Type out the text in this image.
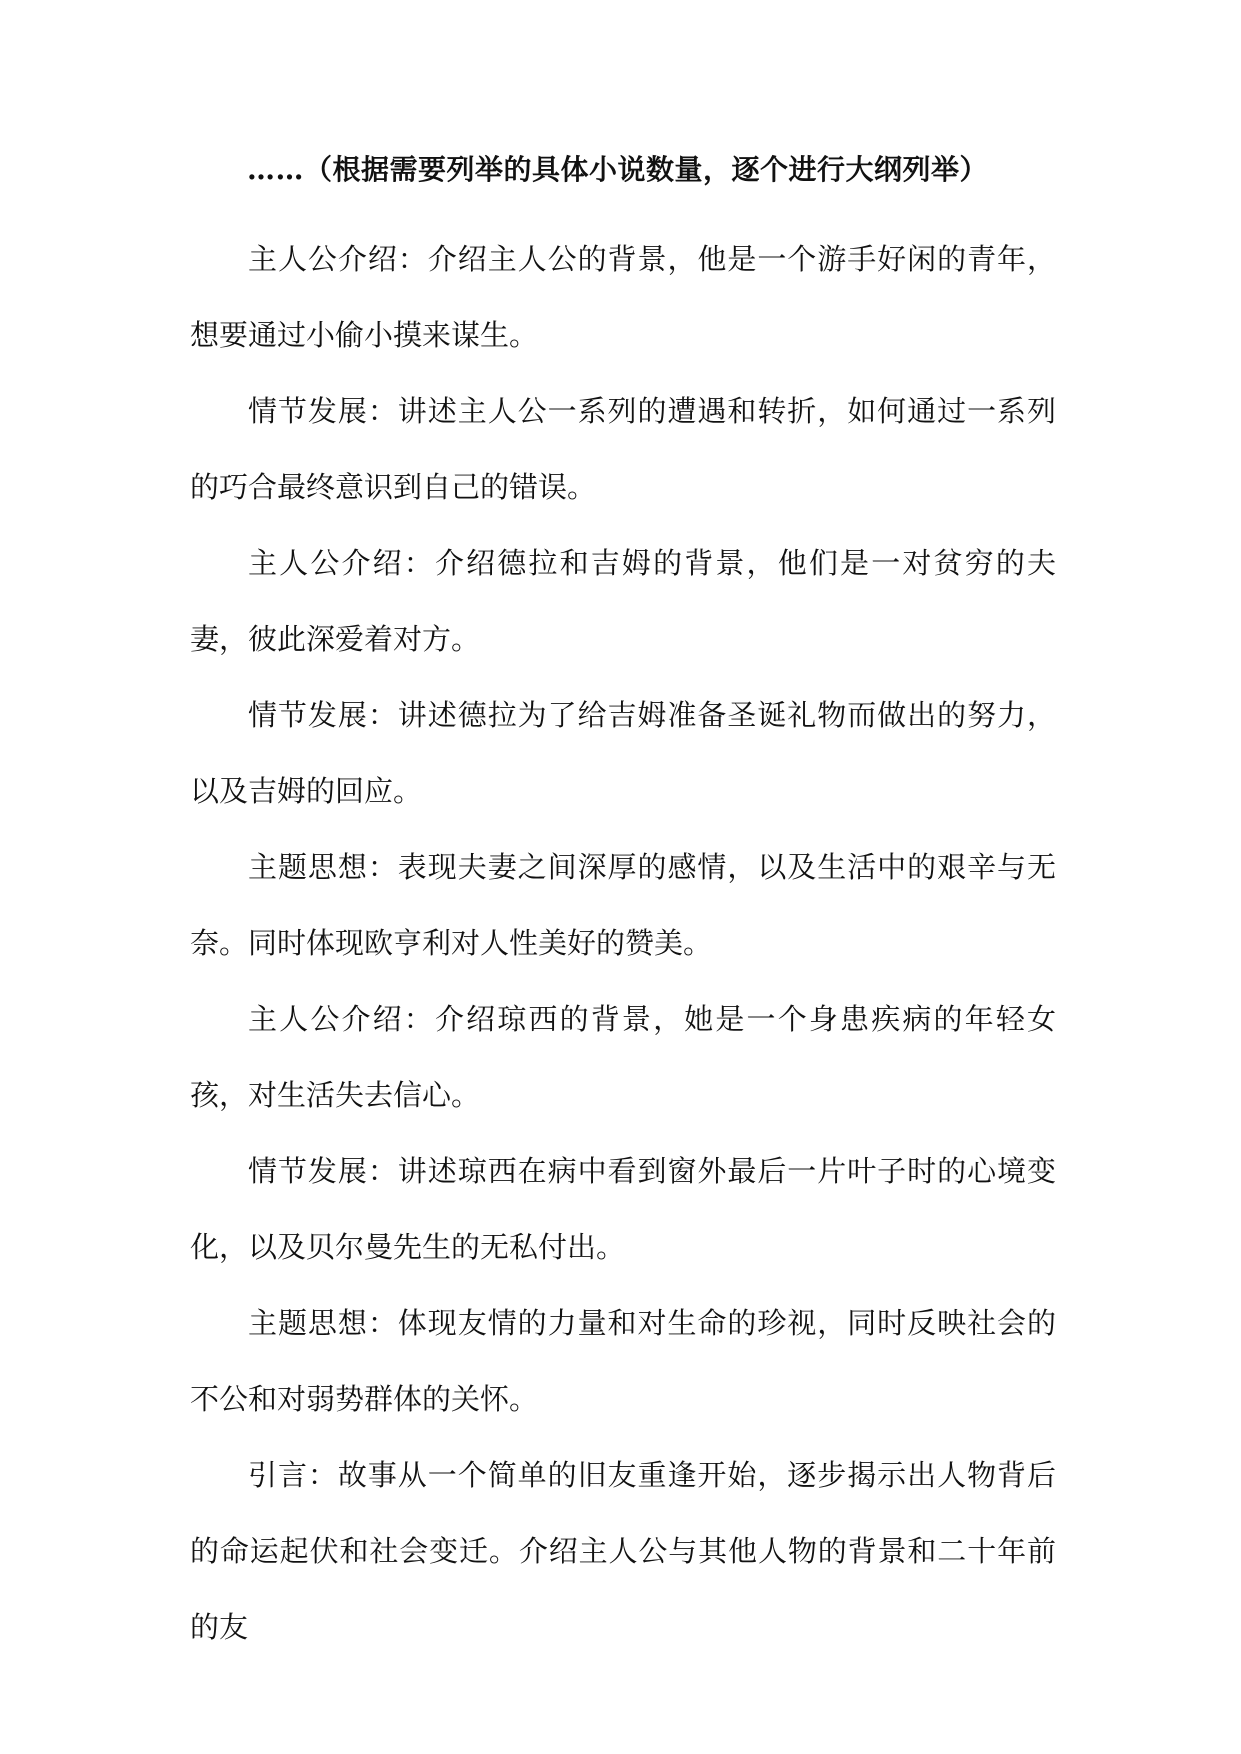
……（根据需要列举的具体小说数量，逐个进行大纲列举）

主人公介绍：介绍主人公的背景，他是一个游手好闲的青年，想要通过小偷小摸来谋生。

情节发展：讲述主人公一系列的遭遇和转折，如何通过一系列的巧合最终意识到自己的错误。

主人公介绍：介绍德拉和吉姆的背景，他们是一对贫穷的夫妻，彼此深爱着对方。

情节发展：讲述德拉为了给吉姆准备圣诞礼物而做出的努力，以及吉姆的回应。

主题思想：表现夫妻之间深厚的感情，以及生活中的艰辛与无奈。同时体现欧亨利对人性美好的赞美。

主人公介绍：介绍琼西的背景，她是一个身患疾病的年轻女孩，对生活失去信心。

情节发展：讲述琼西在病中看到窗外最后一片叶子时的心境变化，以及贝尔曼先生的无私付出。

主题思想：体现友情的力量和对生命的珍视，同时反映社会的不公和对弱势群体的关怀。

引言：故事从一个简单的旧友重逢开始，逐步揭示出人物背后的命运起伏和社会变迁。介绍主人公与其他人物的背景和二十年前的友
